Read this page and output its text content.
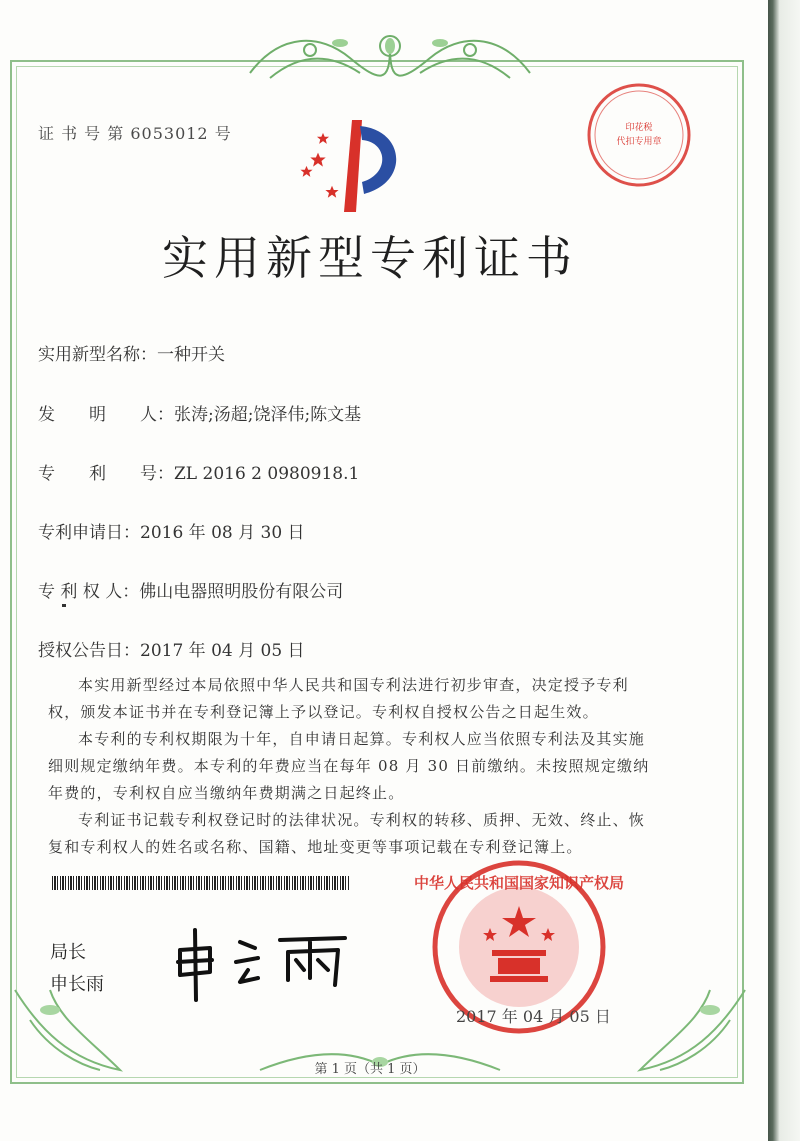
证 书 号 第 6053012 号
实用新型专利证书
实用新型名称：一种开关
发　　明　　人：张涛;汤超;饶泽伟;陈文基
专　　利　　号：ZL 2016 2 0980918.1
专利申请日：2016 年 08 月 30 日
专 利 权 人：佛山电器照明股份有限公司
授权公告日：2017 年 04 月 05 日

本实用新型经过本局依照中华人民共和国专利法进行初步审查，决定授予专利权，颁发本证书并在专利登记簿上予以登记。专利权自授权公告之日起生效。

本专利的专利权期限为十年，自申请日起算。专利权人应当依照专利法及其实施细则规定缴纳年费。本专利的年费应当在每年 08 月 30 日前缴纳。未按照规定缴纳年费的，专利权自应当缴纳年费期满之日起终止。

专利证书记载专利权登记时的法律状况。专利权的转移、质押、无效、终止、恢复和专利权人的姓名或名称、国籍、地址变更等事项记载在专利登记簿上。

局长
申长雨
印花税
代扣专用章
中华人民共和国国家知识产权局
2017 年 04 月 05 日
第 1 页（共 1 页）
